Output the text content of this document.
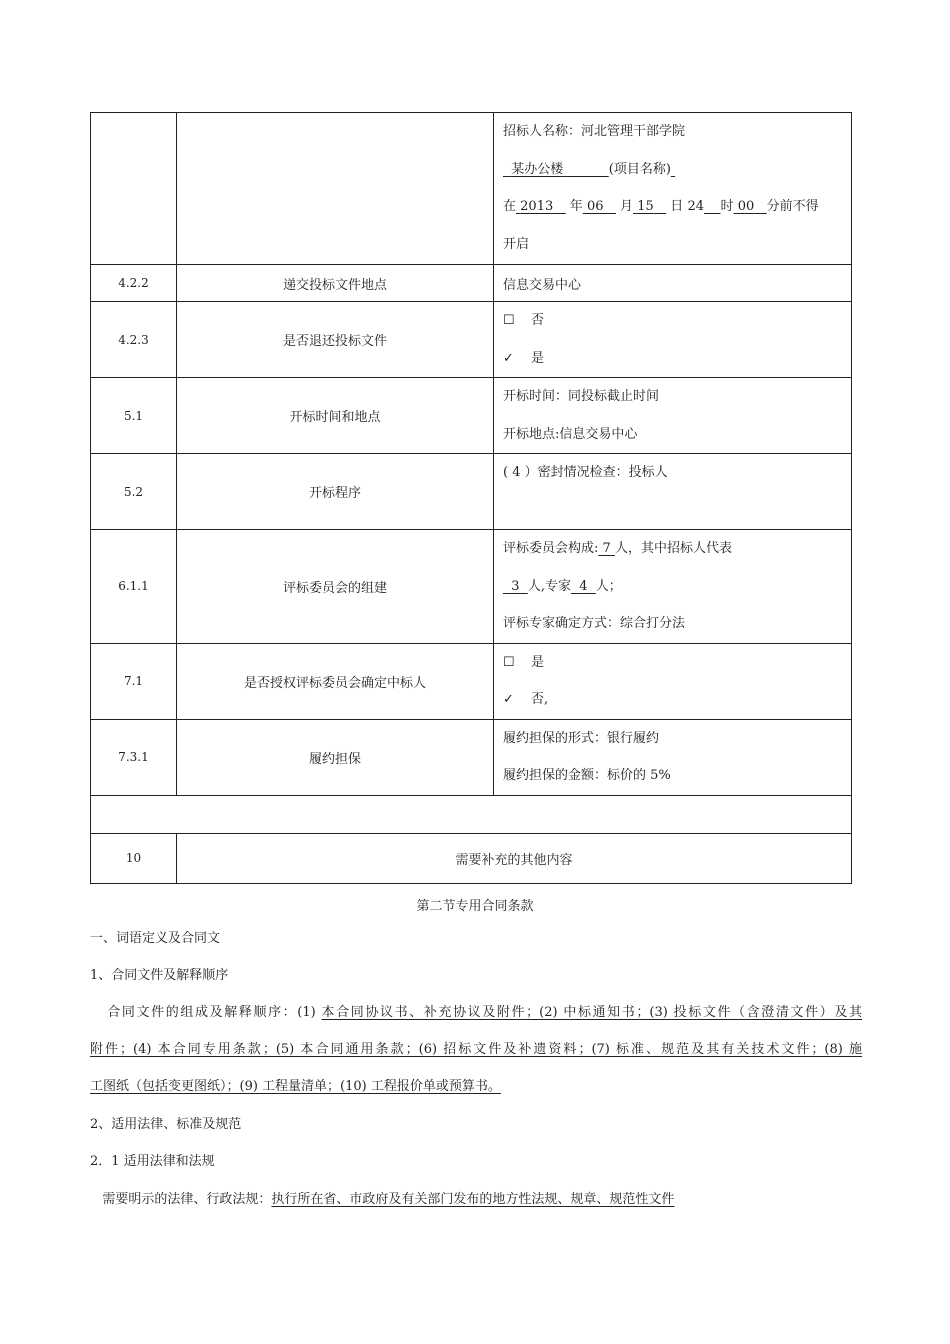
		招标人名称：河北管理干部学院
某办公楼 (项目名称)
在 2013 年 06 月 15 日 24 时 00 分前不得
开启

4.2.2	递交投标文件地点	信息交易中心
4.2.3	是否退还投标文件	☐ 否
✓ 是

5.1	开标时间和地点	开标时间：同投标截止时间
开标地点:信息交易中心

5.2	开标程序	( 4 ）密封情况检查：投标人

6.1.1	评标委员会的组建	评标委员会构成: 7 人，其中招标人代表
3 人,专家 4 人；
评标专家确定方式：综合打分法

7.1	是否授权评标委员会确定中标人	☐ 是
✓ 否,

7.3.1	履约担保	履约担保的形式：银行履约
履约担保的金额：标价的 5%

10	需要补充的其他内容	
第二节专用合同条款
一、词语定义及合同文
1、合同文件及解释顺序
合同文件的组成及解释顺序：(1) 本合同协议书、补充协议及附件；(2) 中标通知书；(3) 投标文件（含澄清文件）及其
附件；(4) 本合同专用条款；(5) 本合同通用条款；(6) 招标文件及补遗资料；(7) 标准、规范及其有关技术文件；(8) 施
工图纸（包括变更图纸）；(9) 工程量清单；(10) 工程报价单或预算书。
2、适用法律、标准及规范
2．1 适用法律和法规
需要明示的法律、行政法规：执行所在省、市政府及有关部门发布的地方性法规、规章、规范性文件
